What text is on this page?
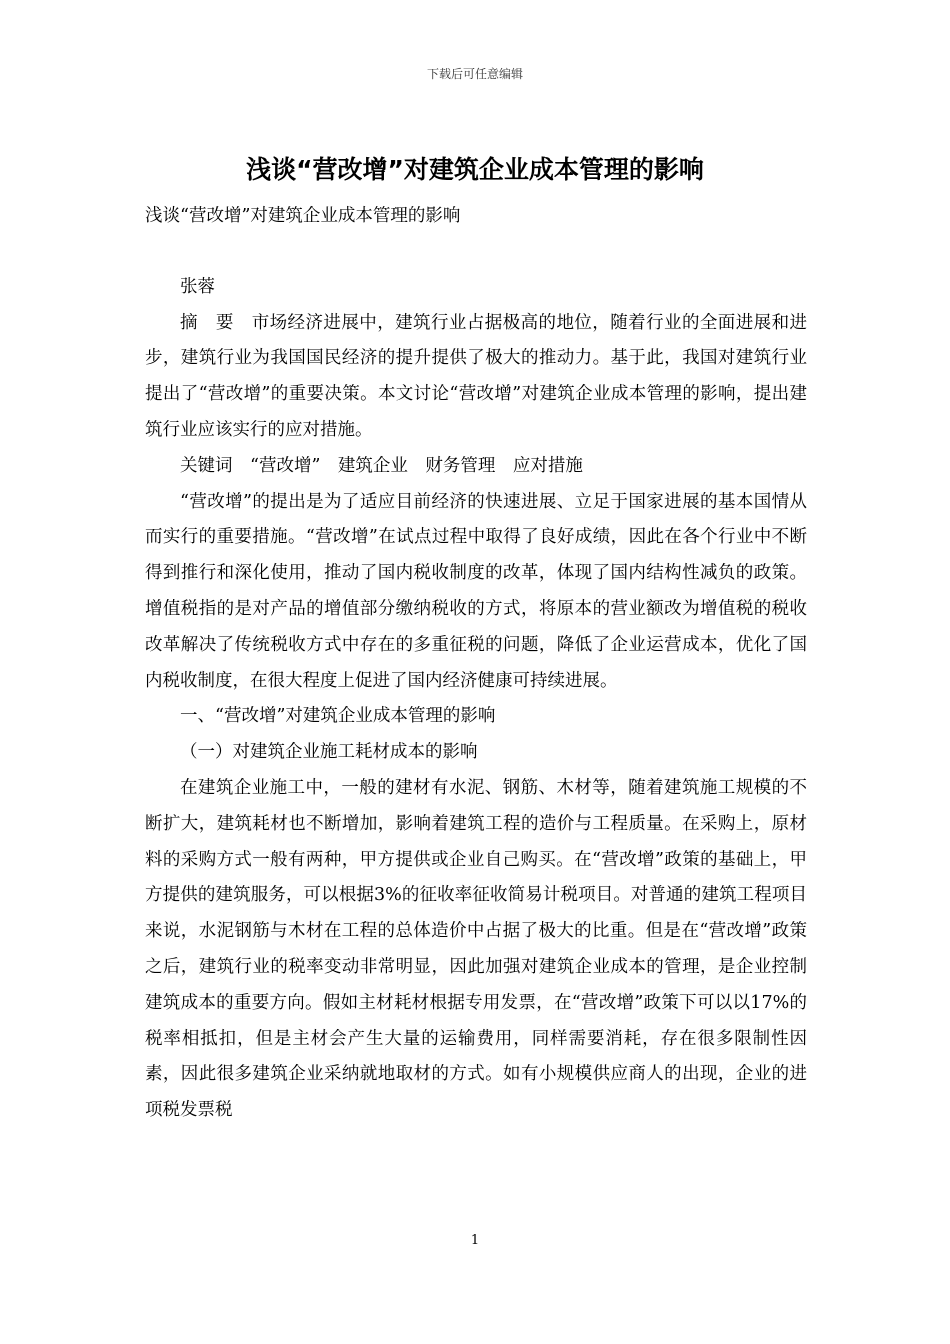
下载后可任意编辑
浅谈“营改增”对建筑企业成本管理的影响

浅谈“营改增”对建筑企业成本管理的影响

张蓉

摘　要　市场经济进展中，建筑行业占据极高的地位，随着行业的全面进展和进步，建筑行业为我国国民经济的提升提供了极大的推动力。基于此，我国对建筑行业提出了“营改增”的重要决策。本文讨论“营改增”对建筑企业成本管理的影响，提出建筑行业应该实行的应对措施。

关键词　“营改增”　建筑企业　财务管理　应对措施

“营改增”的提出是为了适应目前经济的快速进展、立足于国家进展的基本国情从而实行的重要措施。“营改增”在试点过程中取得了良好成绩，因此在各个行业中不断得到推行和深化使用，推动了国内税收制度的改革，体现了国内结构性减负的政策。增值税指的是对产品的增值部分缴纳税收的方式，将原本的营业额改为增值税的税收改革解决了传统税收方式中存在的多重征税的问题，降低了企业运营成本，优化了国内税收制度，在很大程度上促进了国内经济健康可持续进展。

一、“营改增”对建筑企业成本管理的影响

（一）对建筑企业施工耗材成本的影响

在建筑企业施工中，一般的建材有水泥、钢筋、木材等，随着建筑施工规模的不断扩大，建筑耗材也不断增加，影响着建筑工程的造价与工程质量。在采购上，原材料的采购方式一般有两种，甲方提供或企业自己购买。在“营改增”政策的基础上，甲方提供的建筑服务，可以根据3%的征收率征收简易计税项目。对普通的建筑工程项目来说，水泥钢筋与木材在工程的总体造价中占据了极大的比重。但是在“营改增”政策之后，建筑行业的税率变动非常明显，因此加强对建筑企业成本的管理，是企业控制建筑成本的重要方向。假如主材耗材根据专用发票，在“营改增”政策下可以以17%的税率相抵扣，但是主材会产生大量的运输费用，同样需要消耗，存在很多限制性因素，因此很多建筑企业采纳就地取材的方式。如有小规模供应商人的出现，企业的进项税发票税

1
